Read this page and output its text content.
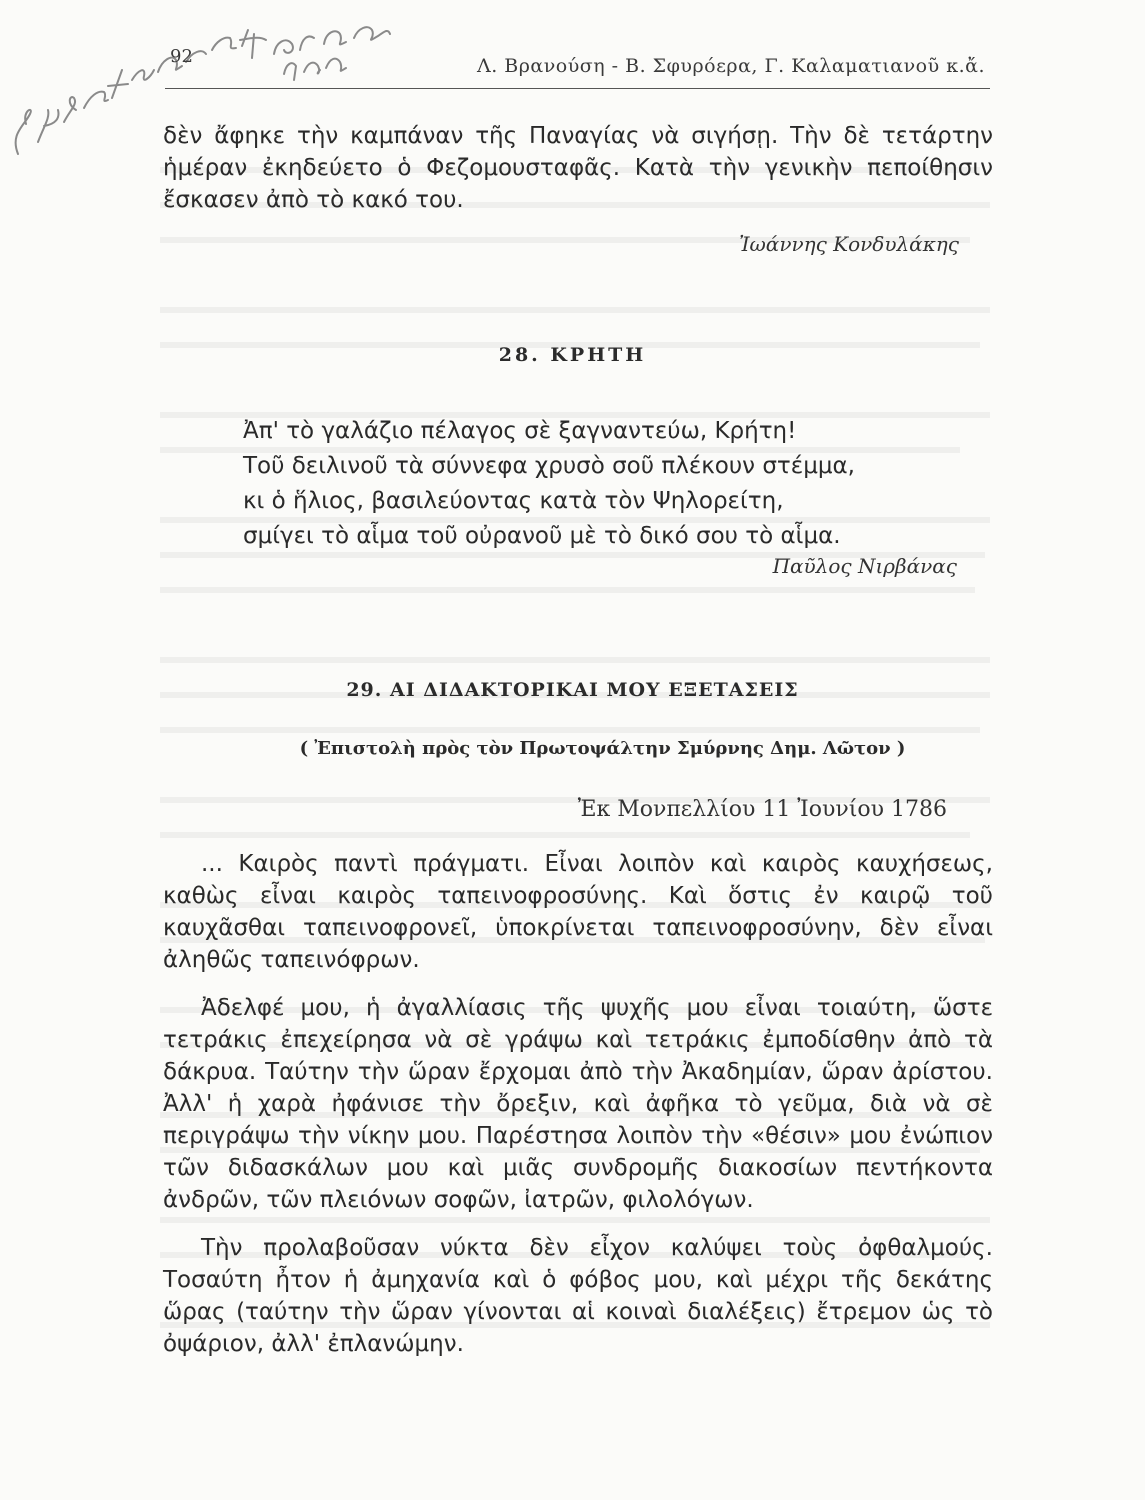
92	Λ. Βρανούση - Β. Σφυρόερα, Γ. Καλαματιανοῦ κ.ἄ.

δὲν ἄφηκε τὴν καμπάναν τῆς Παναγίας νὰ σιγήσῃ. Τὴν δὲ τετάρτην ἡμέραν ἐκηδεύετο ὁ Φεζομουσταφᾶς. Κατὰ τὴν γενικὴν πεποίθησιν ἔσκασεν ἀπὸ τὸ κακό του.

Ἰωάννης Κονδυλάκης
28. ΚΡΗΤΗ
Ἀπ' τὸ γαλάζιο πέλαγος σὲ ξαγναντεύω, Κρήτη!
Τοῦ δειλινοῦ τὰ σύννεφα χρυσὸ σοῦ πλέκουν στέμμα,
κι ὁ ἥλιος, βασιλεύοντας κατὰ τὸν Ψηλορείτη,
σμίγει τὸ αἷμα τοῦ οὐρανοῦ μὲ τὸ δικό σου τὸ αἷμα.
Παῦλος Νιρβάνας
29. ΑΙ ΔΙΔΑΚΤΟΡΙΚΑΙ ΜΟΥ ΕΞΕΤΑΣΕΙΣ
( Ἐπιστολὴ πρὸς τὸν Πρωτοψάλτην Σμύρνης Δημ. Λῶτον )
Ἐκ Μονπελλίου 11 Ἰουνίου 1786

... Καιρὸς παντὶ πράγματι. Εἶναι λοιπὸν καὶ καιρὸς καυχήσεως, καθὼς εἶναι καιρὸς ταπεινοφροσύνης. Καὶ ὅστις ἐν καιρῷ τοῦ καυχᾶσθαι ταπεινοφρονεῖ, ὑποκρίνεται ταπεινοφροσύνην, δὲν εἶναι ἀληθῶς ταπεινόφρων.

Ἀδελφέ μου, ἡ ἀγαλλίασις τῆς ψυχῆς μου εἶναι τοιαύτη, ὥστε τετράκις ἐπεχείρησα νὰ σὲ γράψω καὶ τετράκις ἐμποδίσθην ἀπὸ τὰ δάκρυα. Ταύτην τὴν ὥραν ἔρχομαι ἀπὸ τὴν Ἀκαδημίαν, ὥραν ἀρίστου. Ἀλλ' ἡ χαρὰ ἠφάνισε τὴν ὄρεξιν, καὶ ἀφῆκα τὸ γεῦμα, διὰ νὰ σὲ περιγράψω τὴν νίκην μου. Παρέστησα λοιπὸν τὴν «θέσιν» μου ἐνώπιον τῶν διδασκάλων μου καὶ μιᾶς συνδρομῆς διακοσίων πεντήκοντα ἀνδρῶν, τῶν πλειόνων σοφῶν, ἰατρῶν, φιλολόγων.

Τὴν προλαβοῦσαν νύκτα δὲν εἶχον καλύψει τοὺς ὀφθαλμούς. Τοσαύτη ἦτον ἡ ἀμηχανία καὶ ὁ φόβος μου, καὶ μέχρι τῆς δεκάτης ὥρας (ταύτην τὴν ὥραν γίνονται αἱ κοιναὶ διαλέξεις) ἔτρεμον ὡς τὸ ὀψάριον, ἀλλ' ἐπλανώμην.
